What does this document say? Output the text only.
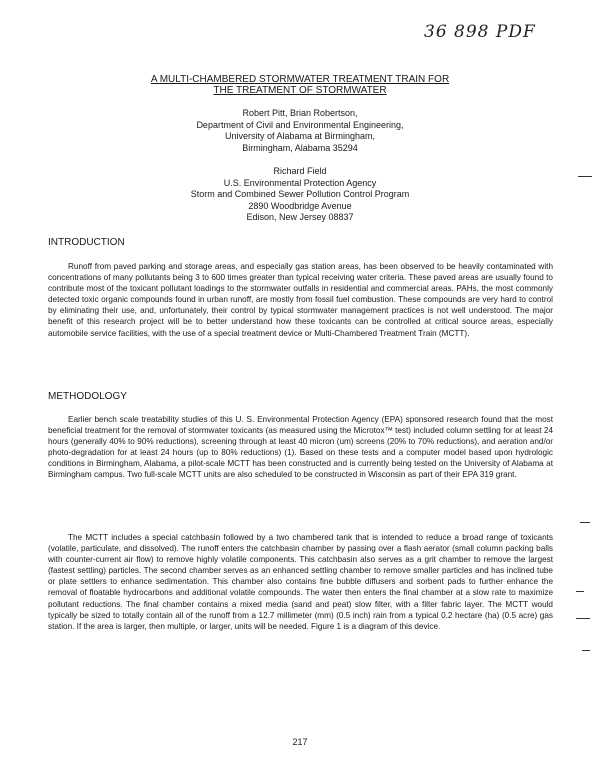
36 898 PDF
A MULTI-CHAMBERED STORMWATER TREATMENT TRAIN FOR
THE TREATMENT OF STORMWATER
Robert Pitt, Brian Robertson,
Department of Civil and Environmental Engineering,
University of Alabama at Birmingham,
Birmingham, Alabama 35294
Richard Field
U.S. Environmental Protection Agency
Storm and Combined Sewer Pollution Control Program
2890 Woodbridge Avenue
Edison, New Jersey 08837
INTRODUCTION
Runoff from paved parking and storage areas, and especially gas station areas, has been observed to be heavily contaminated with concentrations of many pollutants being 3 to 600 times greater than typical receiving water criteria. These paved areas are usually found to contribute most of the toxicant pollutant loadings to the stormwater outfalls in residential and commercial areas. PAHs, the most commonly detected toxic organic compounds found in urban runoff, are mostly from fossil fuel combustion. These compounds are very hard to control by eliminating their use, and, unfortunately, their control by typical stormwater management practices is not well understood. The major benefit of this research project will be to better understand how these toxicants can be controlled at critical source areas, especially automobile service facilities, with the use of a special treatment device or Multi-Chambered Treatment Train (MCTT).
METHODOLOGY
Earlier bench scale treatability studies of this U. S. Environmental Protection Agency (EPA) sponsored research found that the most beneficial treatment for the removal of stormwater toxicants (as measured using the Microtox™ test) included column settling for at least 24 hours (generally 40% to 90% reductions), screening through at least 40 micron (um) screens (20% to 70% reductions), and aeration and/or photo-degradation for at least 24 hours (up to 80% reductions) (1). Based on these tests and a computer model based upon hydrologic conditions in Birmingham, Alabama, a pilot-scale MCTT has been constructed and is currently being tested on the University of Alabama at Birmingham campus. Two full-scale MCTT units are also scheduled to be constructed in Wisconsin as part of their EPA 319 grant.
The MCTT includes a special catchbasin followed by a two chambered tank that is intended to reduce a broad range of toxicants (volatile, particulate, and dissolved). The runoff enters the catchbasin chamber by passing over a flash aerator (small column packing balls with counter-current air flow) to remove highly volatile components. This catchbasin also serves as a grit chamber to remove the largest (fastest settling) particles. The second chamber serves as an enhanced settling chamber to remove smaller particles and has inclined tube or plate settlers to enhance sedimentation. This chamber also contains fine bubble diffusers and sorbent pads to further enhance the removal of floatable hydrocarbons and additional volatile compounds. The water then enters the final chamber at a slow rate to maximize pollutant reductions. The final chamber contains a mixed media (sand and peat) slow filter, with a filter fabric layer. The MCTT would typically be sized to totally contain all of the runoff from a 12.7 millimeter (mm) (0.5 inch) rain from a typical 0.2 hectare (ha) (0.5 acre) gas station. If the area is larger, then multiple, or larger, units will be needed. Figure 1 is a diagram of this device.
217
